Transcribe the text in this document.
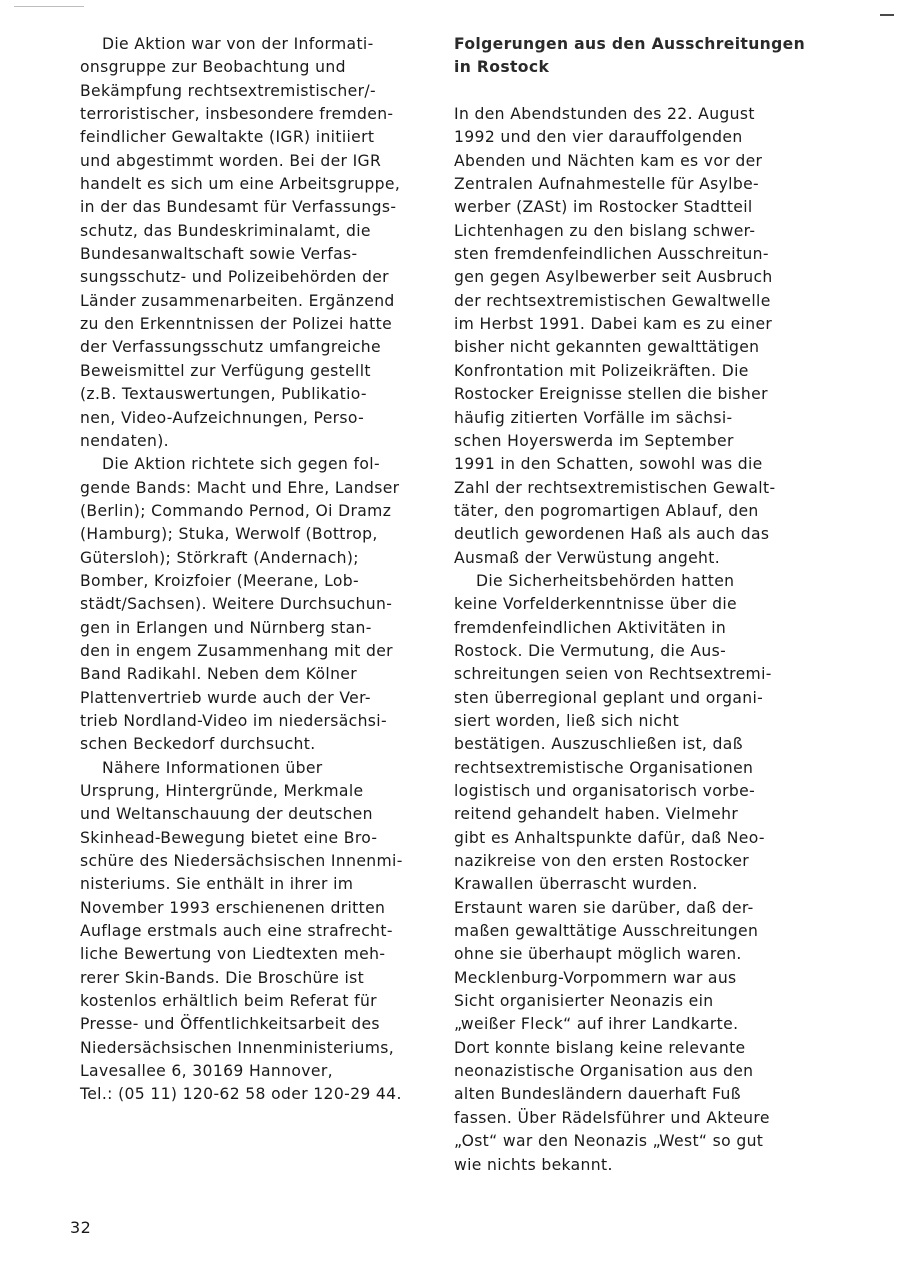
Die Aktion war von der Informati-
onsgruppe zur Beobachtung und
Bekämpfung rechtsextremistischer/-
terroristischer, insbesondere fremden-
feindlicher Gewaltakte (IGR) initiiert
und abgestimmt worden. Bei der IGR
handelt es sich um eine Arbeitsgruppe,
in der das Bundesamt für Verfassungs-
schutz, das Bundeskriminalamt, die
Bundesanwaltschaft sowie Verfas-
sungsschutz- und Polizeibehörden der
Länder zusammenarbeiten. Ergänzend
zu den Erkenntnissen der Polizei hatte
der Verfassungsschutz umfangreiche
Beweismittel zur Verfügung gestellt
(z.B. Textauswertungen, Publikatio-
nen, Video-Aufzeichnungen, Perso-
nendaten).
Die Aktion richtete sich gegen fol-
gende Bands: Macht und Ehre, Landser
(Berlin); Commando Pernod, Oi Dramz
(Hamburg); Stuka, Werwolf (Bottrop,
Gütersloh); Störkraft (Andernach);
Bomber, Kroizfoier (Meerane, Lob-
städt/Sachsen). Weitere Durchsuchun-
gen in Erlangen und Nürnberg stan-
den in engem Zusammenhang mit der
Band Radikahl. Neben dem Kölner
Plattenvertrieb wurde auch der Ver-
trieb Nordland-Video im niedersächsi-
schen Beckedorf durchsucht.
Nähere Informationen über
Ursprung, Hintergründe, Merkmale
und Weltanschauung der deutschen
Skinhead-Bewegung bietet eine Bro-
schüre des Niedersächsischen Innenmi-
nisteriums. Sie enthält in ihrer im
November 1993 erschienenen dritten
Auflage erstmals auch eine strafrecht-
liche Bewertung von Liedtexten meh-
rerer Skin-Bands. Die Broschüre ist
kostenlos erhältlich beim Referat für
Presse- und Öffentlichkeitsarbeit des
Niedersächsischen Innenministeriums,
Lavesallee 6, 30169 Hannover,
Tel.: (05 11) 120-62 58 oder 120-29 44.
Folgerungen aus den Ausschreitungen
in Rostock
In den Abendstunden des 22. August
1992 und den vier darauffolgenden
Abenden und Nächten kam es vor der
Zentralen Aufnahmestelle für Asylbe-
werber (ZASt) im Rostocker Stadtteil
Lichtenhagen zu den bislang schwer-
sten fremdenfeindlichen Ausschreitun-
gen gegen Asylbewerber seit Ausbruch
der rechtsextremistischen Gewaltwelle
im Herbst 1991. Dabei kam es zu einer
bisher nicht gekannten gewalttätigen
Konfrontation mit Polizeikräften. Die
Rostocker Ereignisse stellen die bisher
häufig zitierten Vorfälle im sächsi-
schen Hoyerswerda im September
1991 in den Schatten, sowohl was die
Zahl der rechtsextremistischen Gewalt-
täter, den pogromartigen Ablauf, den
deutlich gewordenen Haß als auch das
Ausmaß der Verwüstung angeht.
Die Sicherheitsbehörden hatten
keine Vorfelderkenntnisse über die
fremdenfeindlichen Aktivitäten in
Rostock. Die Vermutung, die Aus-
schreitungen seien von Rechtsextremi-
sten überregional geplant und organi-
siert worden, ließ sich nicht
bestätigen. Auszuschließen ist, daß
rechtsextremistische Organisationen
logistisch und organisatorisch vorbe-
reitend gehandelt haben. Vielmehr
gibt es Anhaltspunkte dafür, daß Neo-
nazikreise von den ersten Rostocker
Krawallen überrascht wurden.
Erstaunt waren sie darüber, daß der-
maßen gewalttätige Ausschreitungen
ohne sie überhaupt möglich waren.
Mecklenburg-Vorpommern war aus
Sicht organisierter Neonazis ein
„weißer Fleck“ auf ihrer Landkarte.
Dort konnte bislang keine relevante
neonazistische Organisation aus den
alten Bundesländern dauerhaft Fuß
fassen. Über Rädelsführer und Akteure
„Ost“ war den Neonazis „West“ so gut
wie nichts bekannt.
32
